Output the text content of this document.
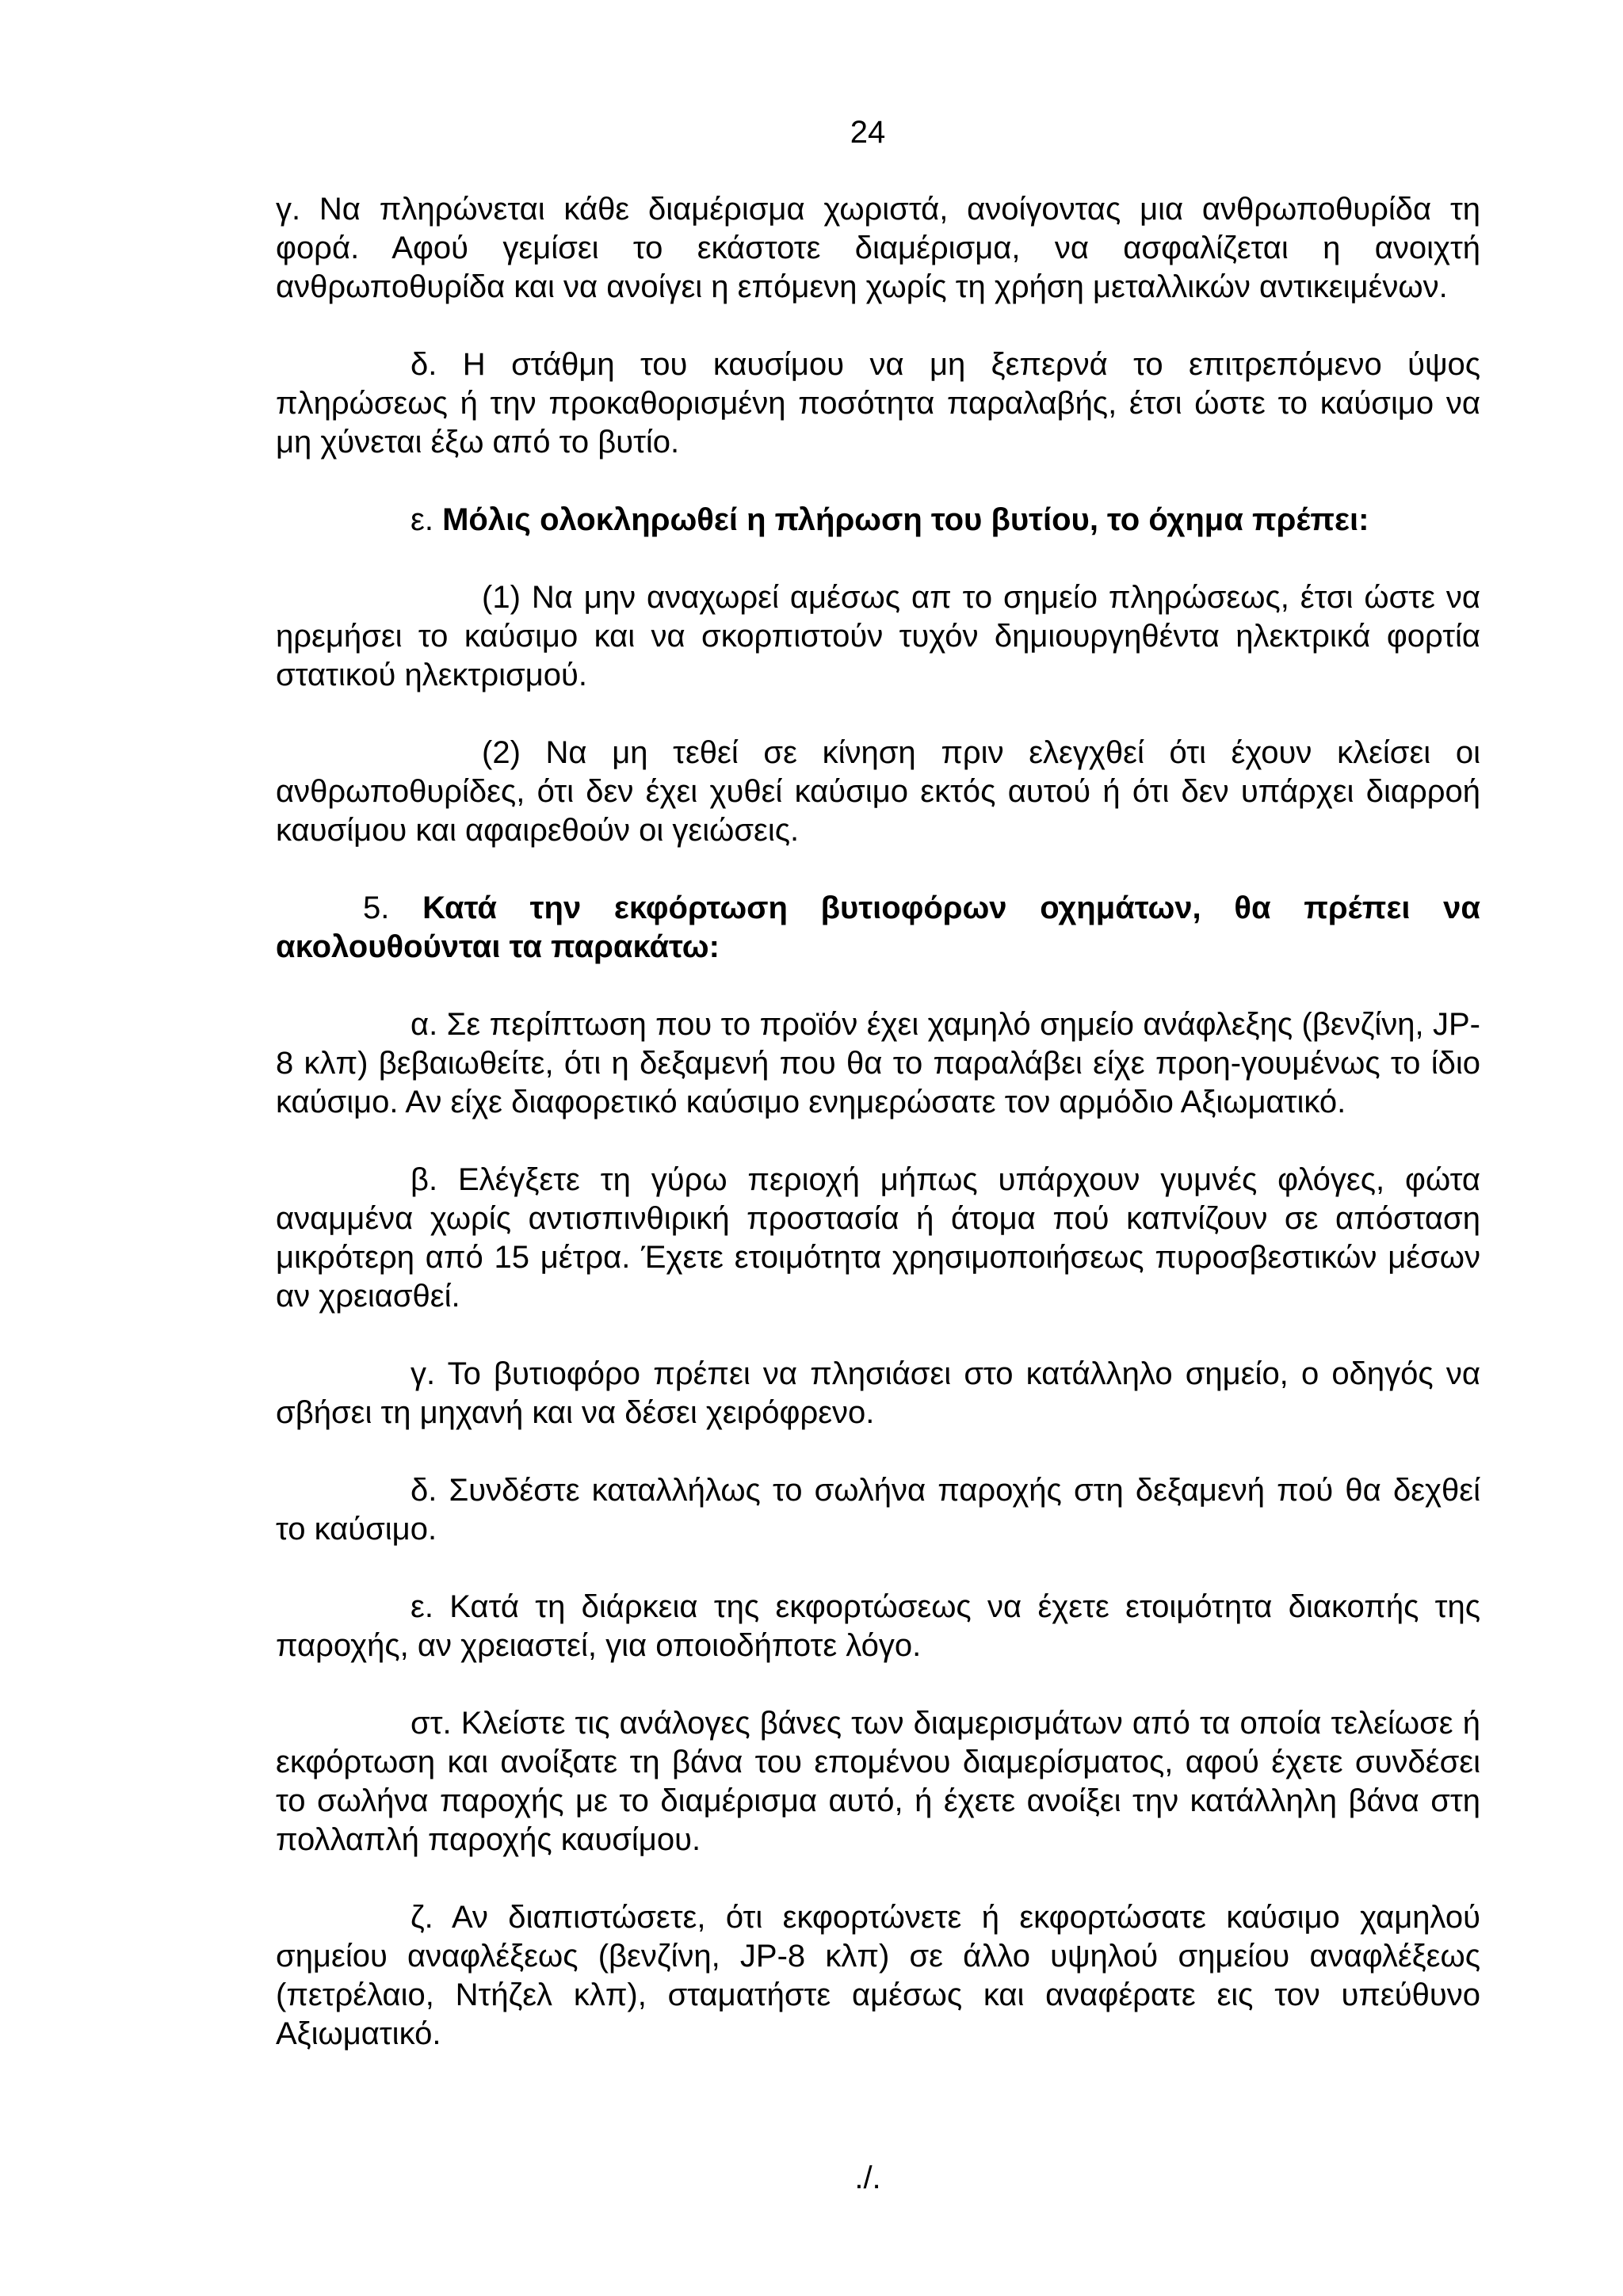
24

γ. Να πληρώνεται κάθε διαμέρισμα χωριστά, ανοίγοντας μια ανθρωποθυρίδα τη φορά. Αφού γεμίσει το εκάστοτε διαμέρισμα, να ασφαλίζεται η ανοιχτή ανθρωποθυρίδα και να ανοίγει η επόμενη χωρίς τη χρήση μεταλλικών αντικειμένων.

δ. Η στάθμη του καυσίμου να μη ξεπερνά το επιτρεπόμενο ύψος πληρώσεως ή την προκαθορισμένη ποσότητα παραλαβής, έτσι ώστε το καύσιμο να μη χύνεται έξω από το βυτίο.

ε. Μόλις ολοκληρωθεί η πλήρωση του βυτίου, το όχημα πρέπει:

(1) Να μην αναχωρεί αμέσως απ το σημείο πληρώσεως, έτσι ώστε να ηρεμήσει το καύσιμο και να σκορπιστούν τυχόν δημιουργηθέντα ηλεκτρικά φορτία στατικού ηλεκτρισμού.

(2) Να μη τεθεί σε κίνηση πριν ελεγχθεί ότι έχουν κλείσει οι ανθρωποθυρίδες, ότι δεν έχει χυθεί καύσιμο εκτός αυτού ή ότι δεν υπάρχει διαρροή καυσίμου και αφαιρεθούν οι γειώσεις.

5. Κατά την εκφόρτωση βυτιοφόρων οχημάτων, θα πρέπει να ακολουθούνται τα παρακάτω:

α. Σε περίπτωση που το προϊόν έχει χαμηλό σημείο ανάφλεξης (βενζίνη, JP-8 κλπ) βεβαιωθείτε, ότι η δεξαμενή που θα το παραλάβει είχε προη-γουμένως το ίδιο καύσιμο. Αν είχε διαφορετικό καύσιμο ενημερώσατε τον αρμόδιο Αξιωματικό.

β. Ελέγξετε τη γύρω περιοχή μήπως υπάρχουν γυμνές φλόγες, φώτα αναμμένα χωρίς αντισπινθιρική προστασία ή άτομα πού καπνίζουν σε απόσταση μικρότερη από 15 μέτρα. Έχετε ετοιμότητα χρησιμοποιήσεως πυροσβεστικών μέσων αν χρειασθεί.

γ. Το βυτιοφόρο πρέπει να πλησιάσει στο κατάλληλο σημείο, ο οδηγός να σβήσει τη μηχανή και να δέσει χειρόφρενο.

δ. Συνδέστε καταλλήλως το σωλήνα παροχής στη δεξαμενή πού θα δεχθεί το καύσιμο.

ε. Κατά τη διάρκεια της εκφορτώσεως να έχετε ετοιμότητα διακοπής της παροχής, αν χρειαστεί, για οποιοδήποτε λόγο.

στ. Κλείστε τις ανάλογες βάνες των διαμερισμάτων από τα οποία τελείωσε ή εκφόρτωση και ανοίξατε τη βάνα του επομένου διαμερίσματος, αφού έχετε συνδέσει το σωλήνα παροχής με το διαμέρισμα αυτό, ή έχετε ανοίξει την κατάλληλη βάνα στη πολλαπλή παροχής καυσίμου.

ζ. Αν διαπιστώσετε, ότι εκφορτώνετε ή εκφορτώσατε καύσιμο χαμηλού σημείου αναφλέξεως (βενζίνη, JP-8 κλπ) σε άλλο υψηλού σημείου αναφλέξεως (πετρέλαιο, Ντήζελ κλπ), σταματήστε αμέσως και αναφέρατε εις τον υπεύθυνο Αξιωματικό.

./.
